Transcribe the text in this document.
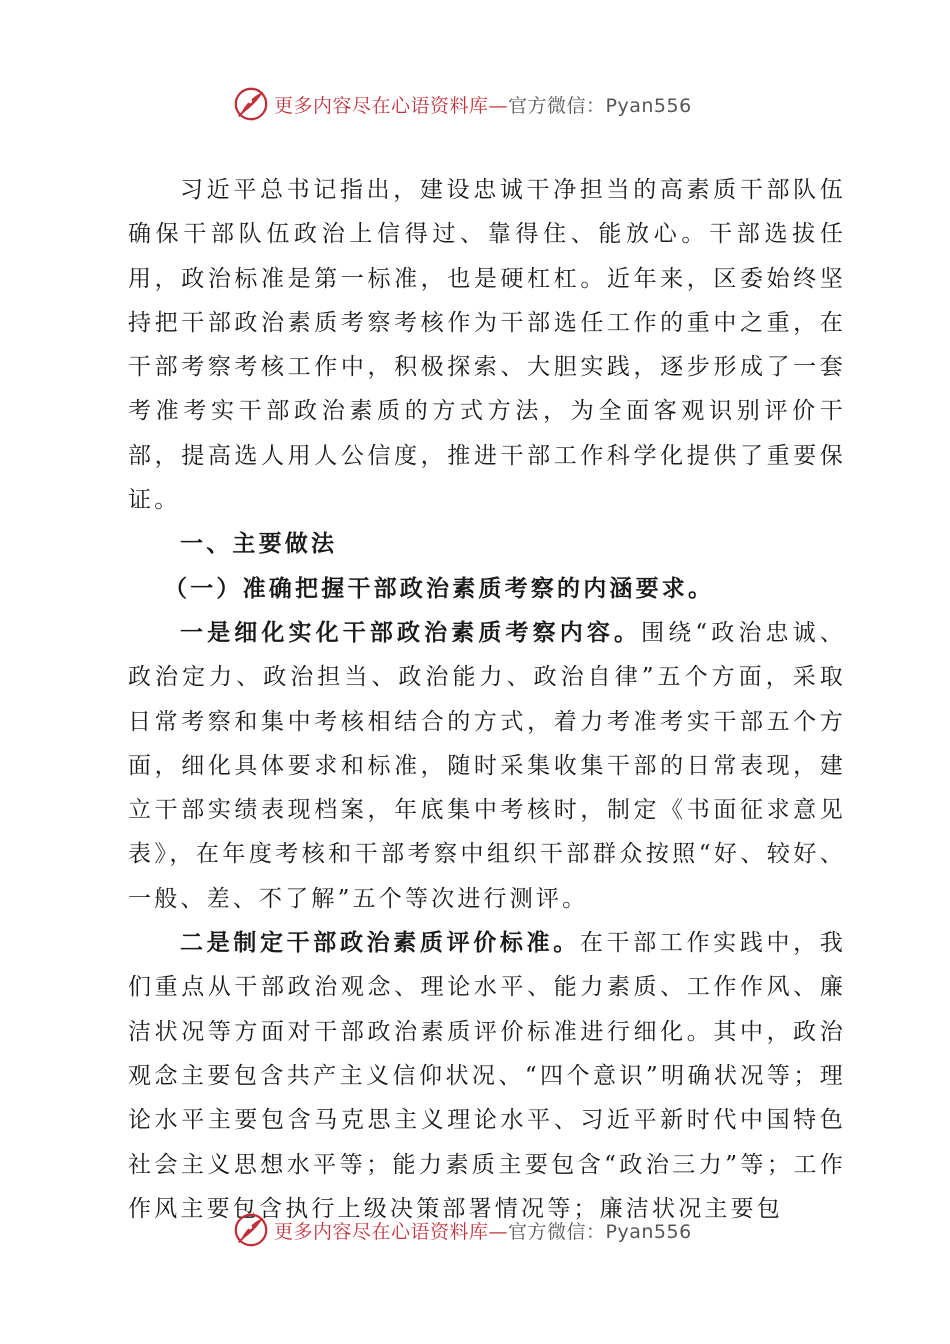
更多内容尽在心语资料库—官方微信：Pyan556

习近平总书记指出，建设忠诚干净担当的高素质干部队伍确保干部队伍政治上信得过、靠得住、能放心。干部选拔任用，政治标准是第一标准，也是硬杠杠。近年来，区委始终坚持把干部政治素质考察考核作为干部选任工作的重中之重，在干部考察考核工作中，积极探索、大胆实践，逐步形成了一套考准考实干部政治素质的方式方法，为全面客观识别评价干部，提高选人用人公信度，推进干部工作科学化提供了重要保证。

一、主要做法

（一）准确把握干部政治素质考察的内涵要求。

一是细化实化干部政治素质考察内容。围绕“政治忠诚、政治定力、政治担当、政治能力、政治自律”五个方面，采取日常考察和集中考核相结合的方式，着力考准考实干部五个方面，细化具体要求和标准，随时采集收集干部的日常表现，建立干部实绩表现档案，年底集中考核时，制定《书面征求意见表》，在年度考核和干部考察中组织干部群众按照“好、较好、一般、差、不了解”五个等次进行测评。

二是制定干部政治素质评价标准。在干部工作实践中，我们重点从干部政治观念、理论水平、能力素质、工作作风、廉洁状况等方面对干部政治素质评价标准进行细化。其中，政治观念主要包含共产主义信仰状况、“四个意识”明确状况等；理论水平主要包含马克思主义理论水平、习近平新时代中国特色社会主义思想水平等；能力素质主要包含“政治三力”等；工作作风主要包含执行上级决策部署情况等；廉洁状况主要包

更多内容尽在心语资料库—官方微信：Pyan556
